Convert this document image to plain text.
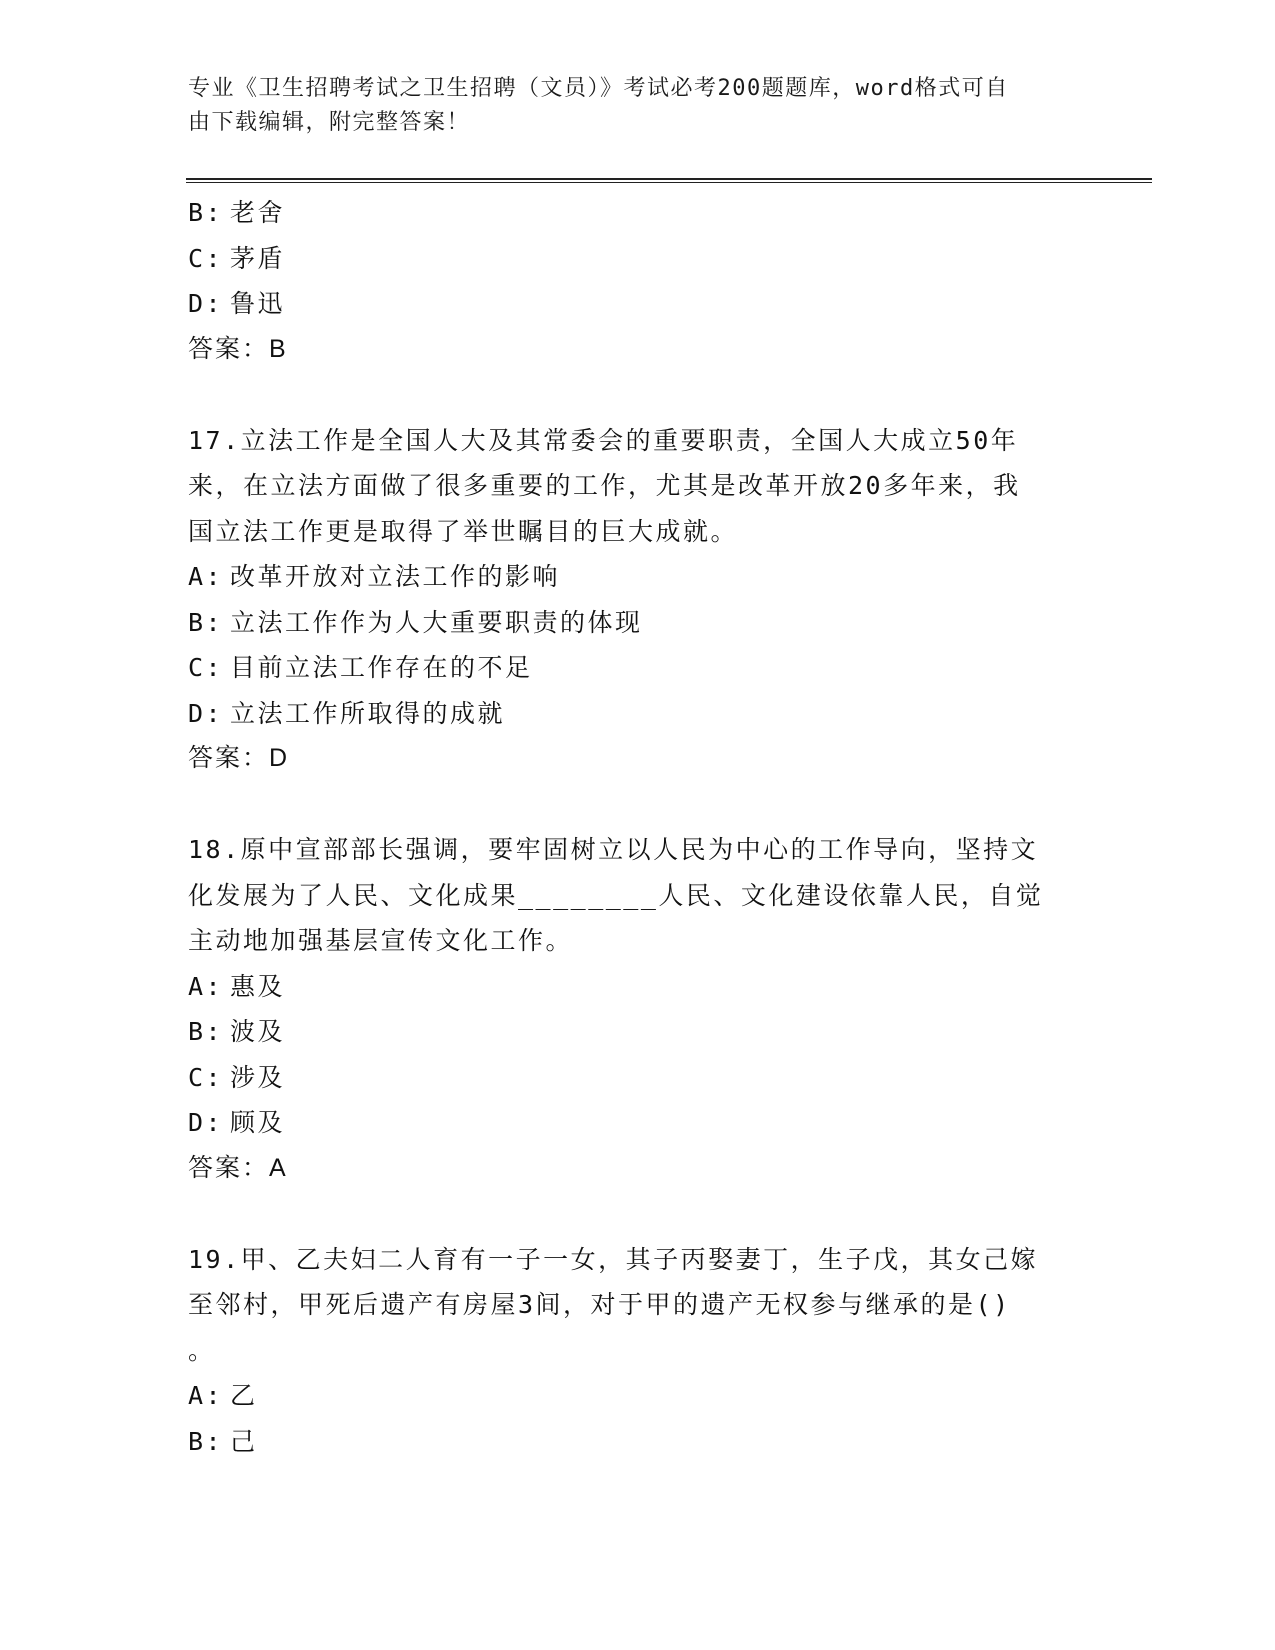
专业《卫生招聘考试之卫生招聘（文员）》考试必考200题题库，word格式可自
由下载编辑，附完整答案！
B: 老舍
C: 茅盾
D: 鲁迅
答案：B
17.立法工作是全国人大及其常委会的重要职责，全国人大成立50年
来，在立法方面做了很多重要的工作，尤其是改革开放20多年来，我
国立法工作更是取得了举世瞩目的巨大成就。
A: 改革开放对立法工作的影响
B: 立法工作作为人大重要职责的体现
C: 目前立法工作存在的不足
D: 立法工作所取得的成就
答案：D
18.原中宣部部长强调，要牢固树立以人民为中心的工作导向，坚持文
化发展为了人民、文化成果________人民、文化建设依靠人民，自觉
主动地加强基层宣传文化工作。
A: 惠及
B: 波及
C: 涉及
D: 顾及
答案：A
19.甲、乙夫妇二人育有一子一女，其子丙娶妻丁，生子戊，其女己嫁
至邻村，甲死后遗产有房屋3间，对于甲的遗产无权参与继承的是()
。
A: 乙
B: 己
